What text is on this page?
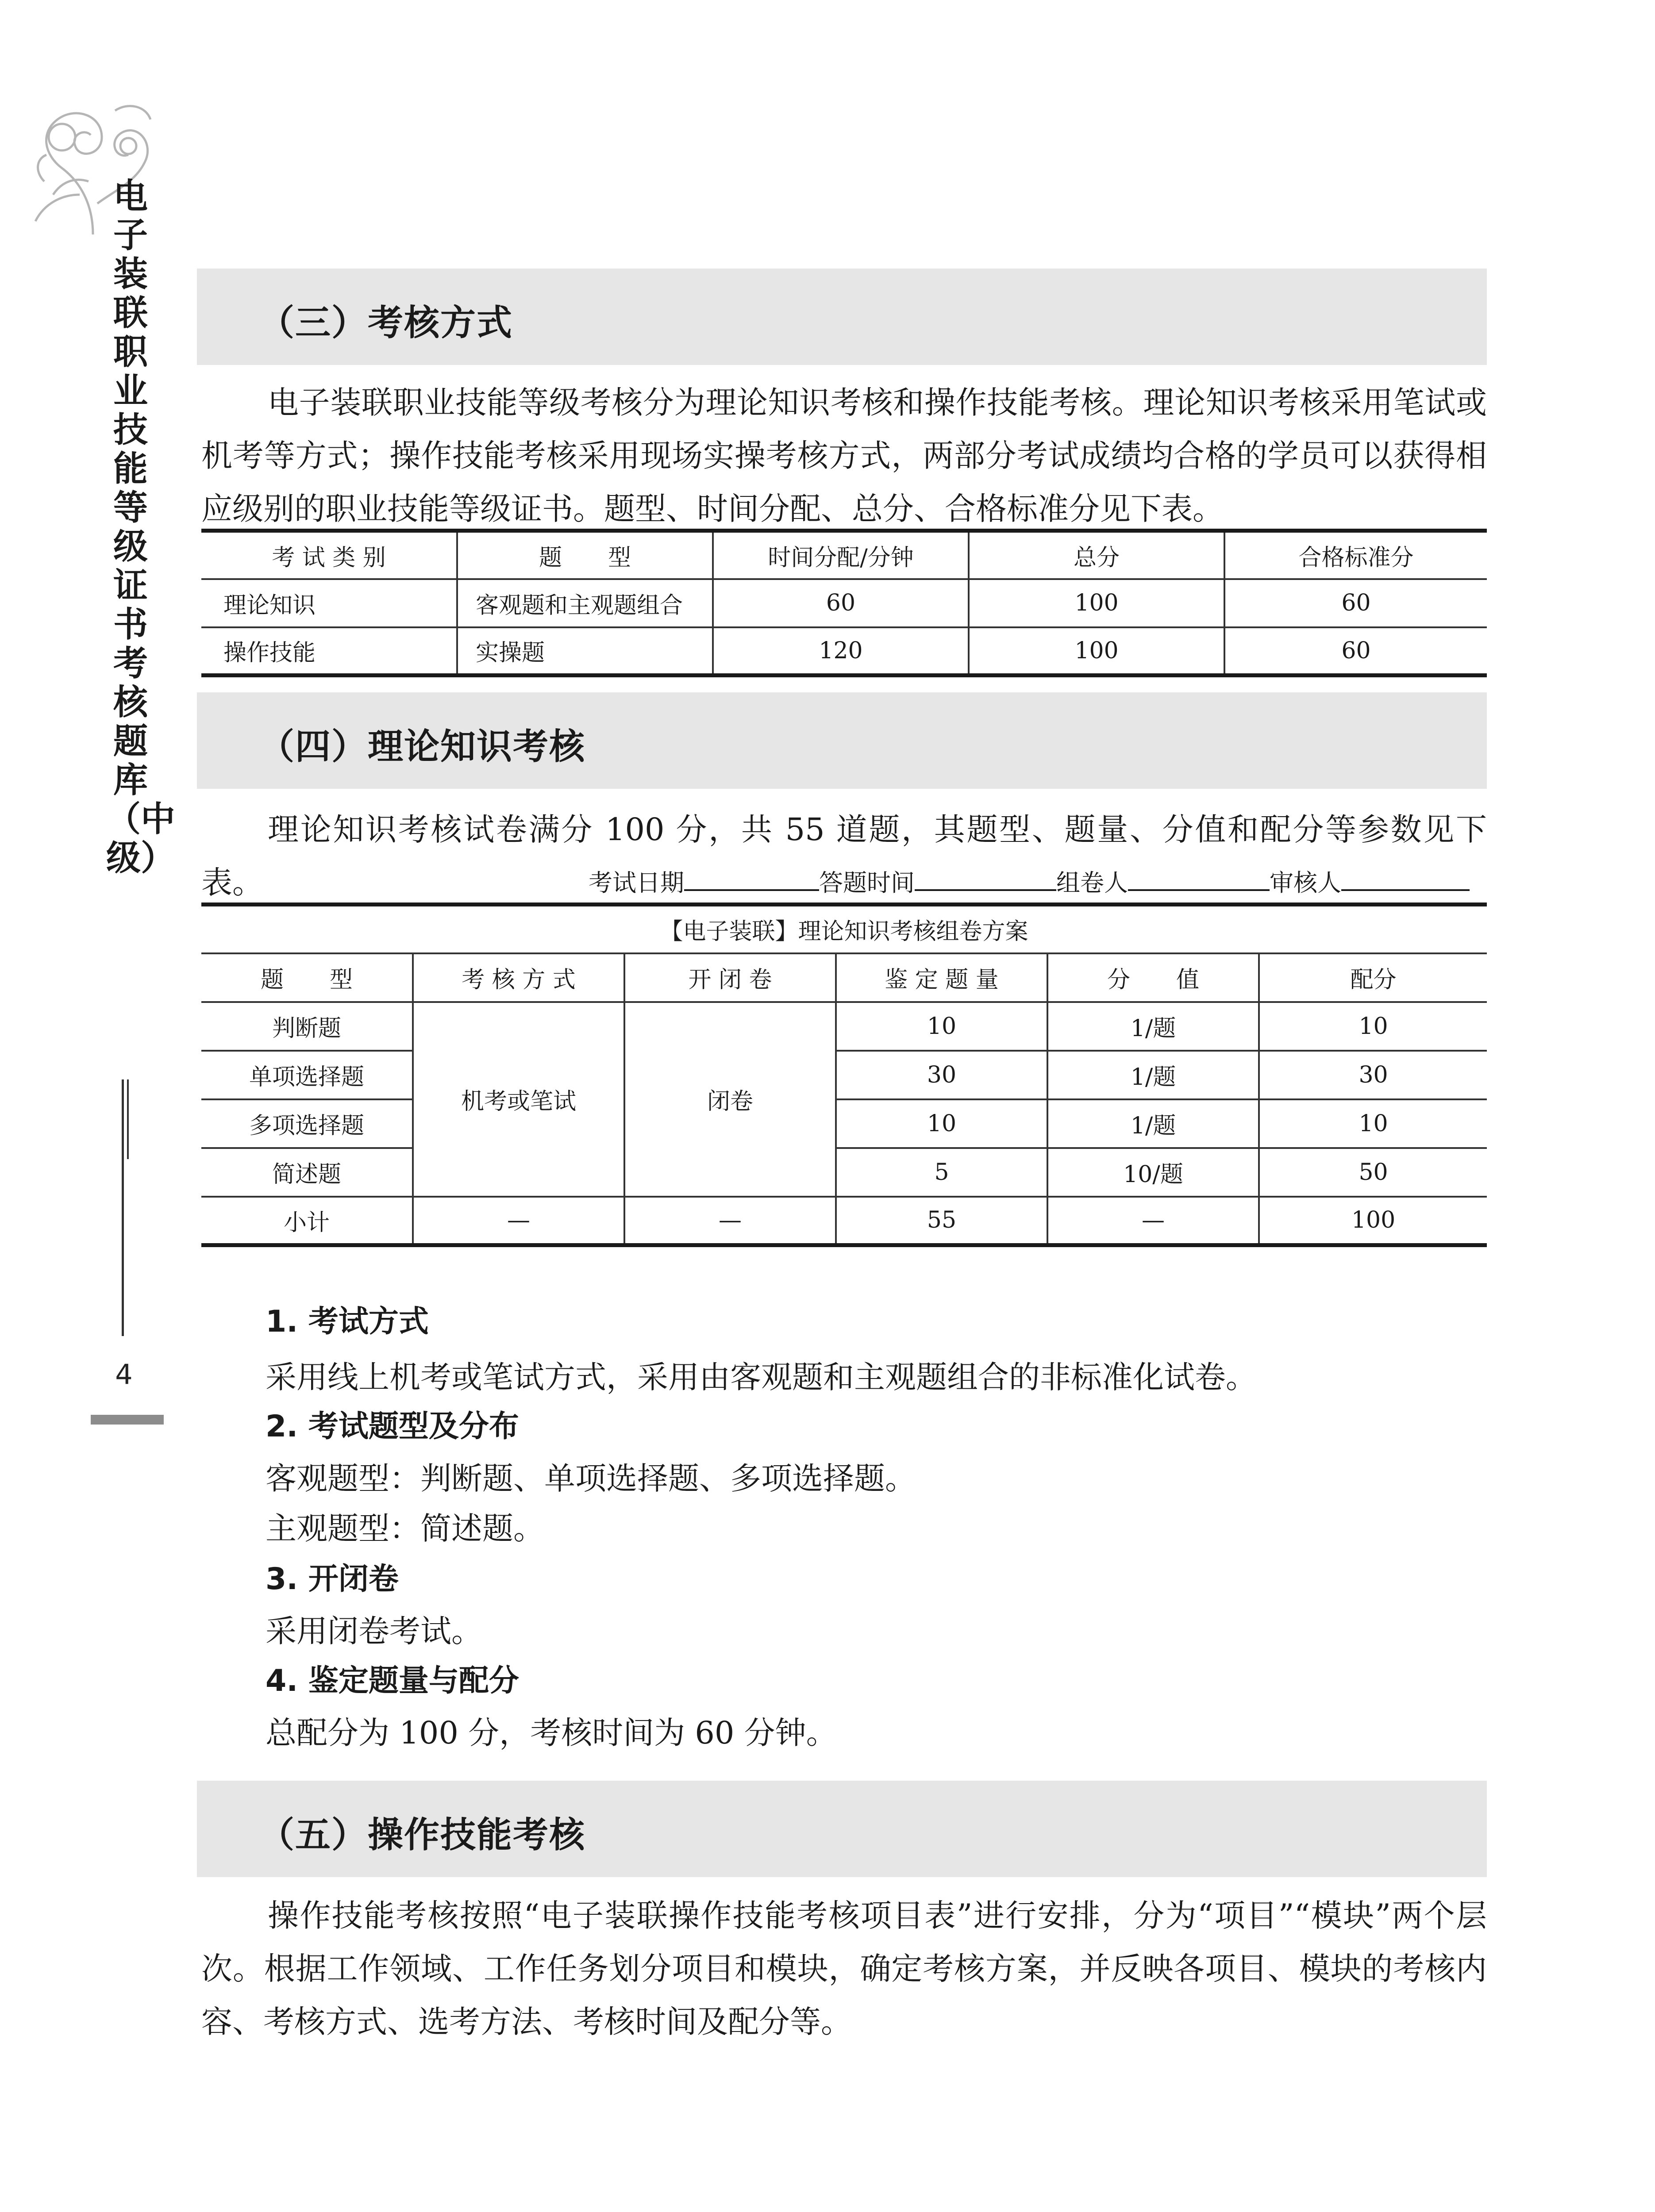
电子装联职业技能等级证书考核题库（中级）
4
（三）考核方式
电子装联职业技能等级考核分为理论知识考核和操作技能考核。理论知识考核采用笔试或机考等方式；操作技能考核采用现场实操考核方式，两部分考试成绩均合格的学员可以获得相应级别的职业技能等级证书。题型、时间分配、总分、合格标准分见下表。
考 试 类 别	题　　型	时间分配/分钟	总分	合格标准分
理论知识	客观题和主观题组合	60	100	60
操作技能	实操题	120	100	60
（四）理论知识考核
理论知识考核试卷满分 100 分，共 55 道题，其题型、题量、分值和配分等参数见下表。	考试日期	答题时间	组卷人	审核人
【电子装联】理论知识考核组卷方案					
题　　型	考 核 方 式	开 闭 卷	鉴 定 题 量	分　　值	配分
判断题	机考或笔试	闭卷	10	1/题	10
单项选择题			30	1/题	30
多项选择题			10	1/题	10
简述题			5	10/题	50
小计	—	—	55	—	100
1. 考试方式
采用线上机考或笔试方式，采用由客观题和主观题组合的非标准化试卷。
2. 考试题型及分布
客观题型：判断题、单项选择题、多项选择题。
主观题型：简述题。
3. 开闭卷
采用闭卷考试。
4. 鉴定题量与配分
总配分为 100 分，考核时间为 60 分钟。
（五）操作技能考核
操作技能考核按照“电子装联操作技能考核项目表”进行安排，分为“项目”“模块”两个层次。根据工作领域、工作任务划分项目和模块，确定考核方案，并反映各项目、模块的考核内容、考核方式、选考方法、考核时间及配分等。
